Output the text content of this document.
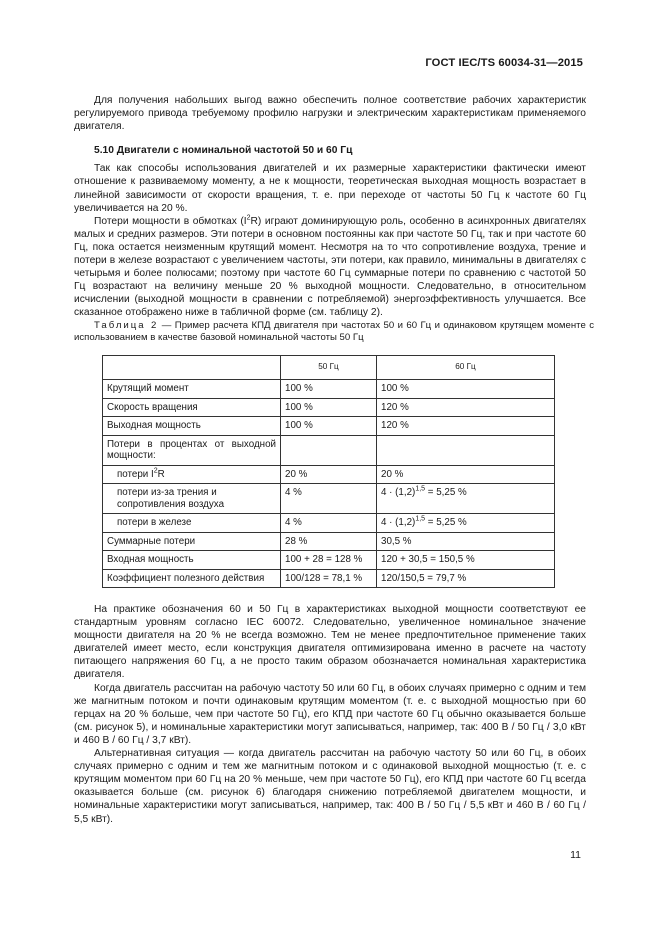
ГОСТ IEC/TS 60034-31—2015

Для получения набольших выгод важно обеспечить полное соответствие рабочих характеристик регулируемого привода требуемому профилю нагрузки и электрическим характеристикам применяемого двигателя.

5.10 Двигатели с номинальной частотой 50 и 60 Гц

Так как способы использования двигателей и их размерные характеристики фактически имеют отношение к развиваемому моменту, а не к мощности, теоретическая выходная мощность возрастает в линейной зависимости от скорости вращения, т. е. при переходе от частоты 50 Гц к частоте 60 Гц увеличивается на 20 %.

Потери мощности в обмотках $(I^2R)$ играют доминирующую роль, особенно в асинхронных двигателях малых и средних размеров. Эти потери в основном постоянны как при частоте 50 Гц, так и при частоте 60 Гц, пока остается неизменным крутящий момент. Несмотря на то что сопротивление воздуха, трение и потери в железе возрастают с увеличением частоты, эти потери, как правило, минимальны в двигателях с четырьмя и более полюсами; поэтому при частоте 60 Гц суммарные потери по сравнению с частотой 50 Гц возрастают на величину меньше 20 % выходной мощности. Следовательно, в относительном исчислении (выходной мощности в сравнении с потребляемой) энергоэффективность улучшается. Все сказанное отображено ниже в табличной форме (см. таблицу 2).

Таблица 2 — Пример расчета КПД двигателя при частотах 50 и 60 Гц и одинаковом крутящем моменте с использованием в качестве базовой номинальной частоты 50 Гц

	50 Гц	60 Гц
Крутящий момент	100 %	100 %
Скорость вращения	100 %	120 %
Выходная мощность	100 %	120 %
Потери в процентах от выходной мощности:		
потери $I^2R$	20 %	20 %
потери из-за трения и сопротивления воздуха	4 %	$4 \cdot (1,2)^{1,5} = 5,25$ %
потери в железе	4 %	$4 \cdot (1,2)^{1,5} = 5,25$ %
Суммарные потери	28 %	30,5 %
Входная мощность	100 + 28 = 128 %	120 + 30,5 = 150,5 %
Коэффициент полезного действия	100/128 = 78,1 %	120/150,5 = 79,7 %

На практике обозначения 60 и 50 Гц в характеристиках выходной мощности соответствуют ее стандартным уровням согласно IEC 60072. Следовательно, увеличенное номинальное значение мощности двигателя на 20 % не всегда возможно. Тем не менее предпочтительное применение таких двигателей имеет место, если конструкция двигателя оптимизирована именно в расчете на частоту питающего напряжения 60 Гц, а не просто таким образом обозначается номинальная характеристика двигателя.

Когда двигатель рассчитан на рабочую частоту 50 или 60 Гц, в обоих случаях примерно с одним и тем же магнитным потоком и почти одинаковым крутящим моментом (т. е. с выходной мощностью при 60 герцах на 20 % больше, чем при частоте 50 Гц), его КПД при частоте 60 Гц обычно оказывается больше (см. рисунок 5), и номинальные характеристики могут записываться, например, так: 400 В / 50 Гц / 3,0 кВт и 460 В / 60 Гц / 3,7 кВт).

Альтернативная ситуация — когда двигатель рассчитан на рабочую частоту 50 или 60 Гц, в обоих случаях примерно с одним и тем же магнитным потоком и с одинаковой выходной мощностью (т. е. с крутящим моментом при 60 Гц на 20 % меньше, чем при частоте 50 Гц), его КПД при частоте 60 Гц всегда оказывается больше (см. рисунок 6) благодаря снижению потребляемой двигателем мощности, и номинальные характеристики могут записываться, например, так: 400 В / 50 Гц / 5,5 кВт и 460 В / 60 Гц / 5,5 кВт).

11
